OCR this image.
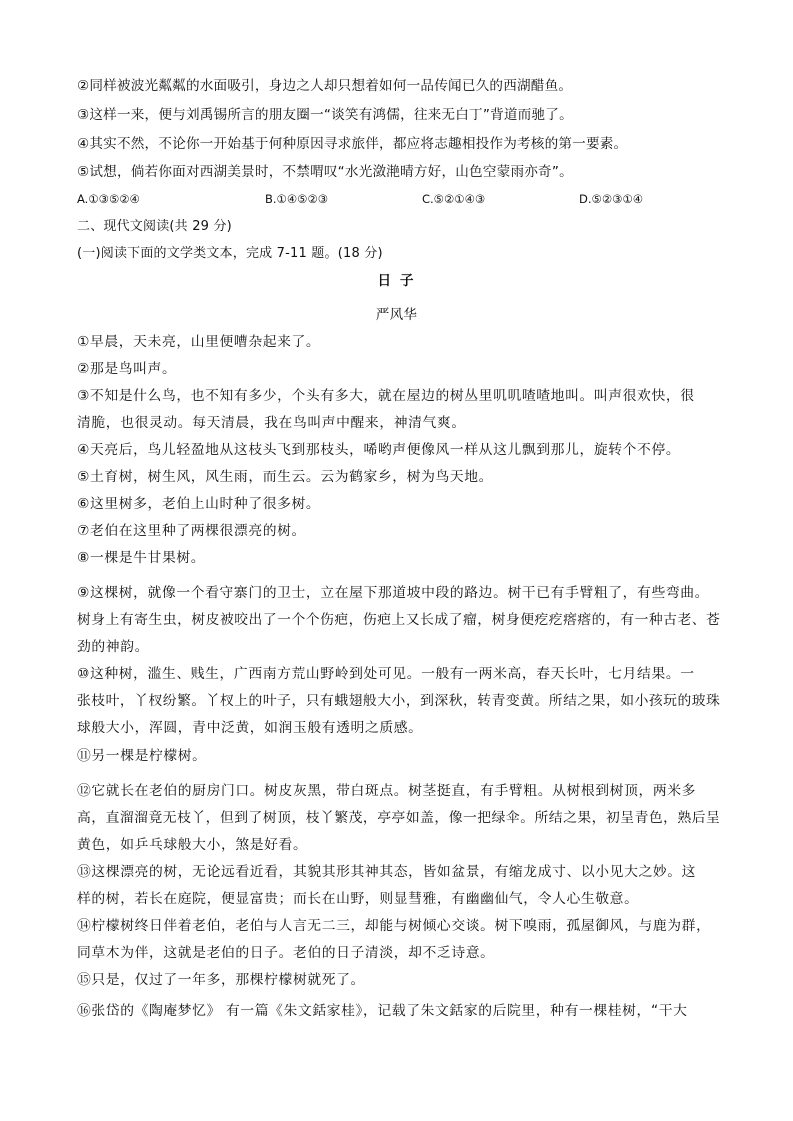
②同样被波光粼粼的水面吸引，身边之人却只想着如何一品传闻已久的西湖醋鱼。
③这样一来，便与刘禹锡所言的朋友圈一“谈笑有鸿儒，往来无白丁”背道而驰了。
④其实不然，不论你一开始基于何种原因寻求旅伴，都应将志趣相投作为考核的第一要素。
⑤试想，倘若你面对西湖美景时，不禁喟叹“水光潋滟晴方好，山色空蒙雨亦奇”。
A.①③⑤②④	B.①④⑤②③	C.⑤②①④③	D.⑤②③①④
二、现代文阅读(共 29 分)
(一)阅读下面的文学类文本，完成 7-11 题。(18 分)
日 子
严风华
①早晨，天未亮，山里便嘈杂起来了。
②那是鸟叫声。
③不知是什么鸟，也不知有多少，个头有多大，就在屋边的树丛里叽叽喳喳地叫。叫声很欢快，很
清脆，也很灵动。每天清晨，我在鸟叫声中醒来，神清气爽。
④天亮后，鸟儿轻盈地从这枝头飞到那枝头，唏哟声便像风一样从这儿飘到那儿，旋转个不停。
⑤土育树，树生风，风生雨，而生云。云为鹤家乡，树为鸟天地。
⑥这里树多，老伯上山时种了很多树。
⑦老伯在这里种了两棵很漂亮的树。
⑧一棵是牛甘果树。
⑨这棵树，就像一个看守寨门的卫士，立在屋下那道坡中段的路边。树干已有手臂粗了，有些弯曲。
树身上有寄生虫，树皮被咬出了一个个伤疤，伤疤上又长成了瘤，树身便疙疙瘩瘩的，有一种古老、苍
劲的神韵。
⑩这种树，滥生、贱生，广西南方荒山野岭到处可见。一般有一两米高，春天长叶，七月结果。一
张枝叶，丫杈纷繁。丫杈上的叶子，只有蛾翅般大小，到深秋，转青变黄。所结之果，如小孩玩的玻珠
球般大小，浑圆，青中泛黄，如润玉般有透明之质感。
⑪另一棵是柠檬树。
⑫它就长在老伯的厨房门口。树皮灰黑，带白斑点。树茎挺直，有手臂粗。从树根到树顶，两米多
高，直溜溜竟无枝丫，但到了树顶，枝丫繁茂，亭亭如盖，像一把绿伞。所结之果，初呈青色，熟后呈
黄色，如乒乓球般大小，煞是好看。
⑬这棵漂亮的树，无论远看近看，其貌其形其神其态，皆如盆景，有缩龙成寸、以小见大之妙。这
样的树，若长在庭院，便显富贵；而长在山野，则显彗雅，有幽幽仙气，令人心生敬意。
⑭柠檬树终日伴着老伯，老伯与人言无二三，却能与树倾心交谈。树下嗅雨，孤屋御风，与鹿为群，
同草木为伴，这就是老伯的日子。老伯的日子清淡，却不乏诗意。
⑮只是，仅过了一年多，那棵柠檬树就死了。
⑯张岱的《陶庵梦忆》 有一篇《朱文銛家桂》，记载了朱文銛家的后院里，种有一棵桂树，“干大
